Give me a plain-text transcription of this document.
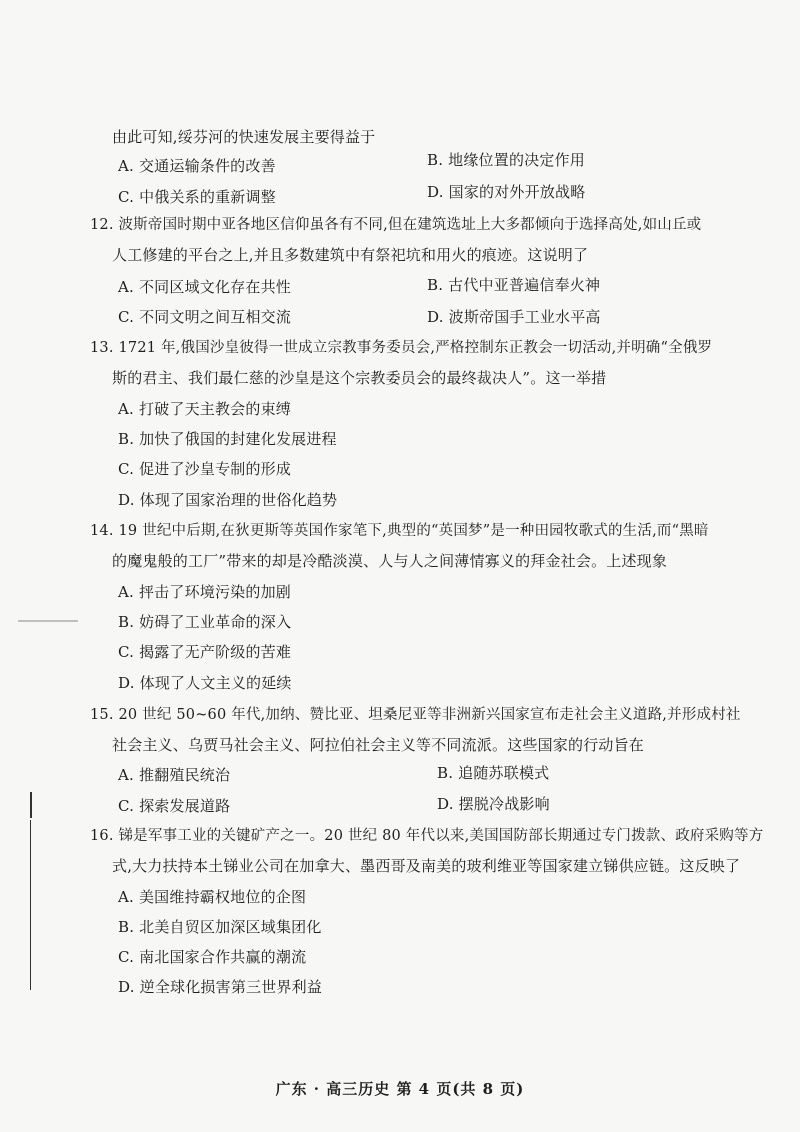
由此可知,绥芬河的快速发展主要得益于
A. 交通运输条件的改善	B. 地缘位置的决定作用
C. 中俄关系的重新调整	D. 国家的对外开放战略
12. 波斯帝国时期中亚各地区信仰虽各有不同,但在建筑选址上大多都倾向于选择高处,如山丘或
人工修建的平台之上,并且多数建筑中有祭祀坑和用火的痕迹。这说明了
A. 不同区域文化存在共性	B. 古代中亚普遍信奉火神
C. 不同文明之间互相交流	D. 波斯帝国手工业水平高
13. 1721 年,俄国沙皇彼得一世成立宗教事务委员会,严格控制东正教会一切活动,并明确“全俄罗
斯的君主、我们最仁慈的沙皇是这个宗教委员会的最终裁决人”。这一举措
A. 打破了天主教会的束缚
B. 加快了俄国的封建化发展进程
C. 促进了沙皇专制的形成
D. 体现了国家治理的世俗化趋势
14. 19 世纪中后期,在狄更斯等英国作家笔下,典型的“英国梦”是一种田园牧歌式的生活,而“黑暗
的魔鬼般的工厂”带来的却是冷酷淡漠、人与人之间薄情寡义的拜金社会。上述现象
A. 抨击了环境污染的加剧
B. 妨碍了工业革命的深入
C. 揭露了无产阶级的苦难
D. 体现了人文主义的延续
15. 20 世纪 50~60 年代,加纳、赞比亚、坦桑尼亚等非洲新兴国家宣布走社会主义道路,并形成村社
社会主义、乌贾马社会主义、阿拉伯社会主义等不同流派。这些国家的行动旨在
A. 推翻殖民统治	B. 追随苏联模式
C. 探索发展道路	D. 摆脱冷战影响
16. 锑是军事工业的关键矿产之一。20 世纪 80 年代以来,美国国防部长期通过专门拨款、政府采购等方
式,大力扶持本土锑业公司在加拿大、墨西哥及南美的玻利维亚等国家建立锑供应链。这反映了
A. 美国维持霸权地位的企图
B. 北美自贸区加深区域集团化
C. 南北国家合作共赢的潮流
D. 逆全球化损害第三世界利益
广东 · 高三历史 第 4 页(共 8 页)
